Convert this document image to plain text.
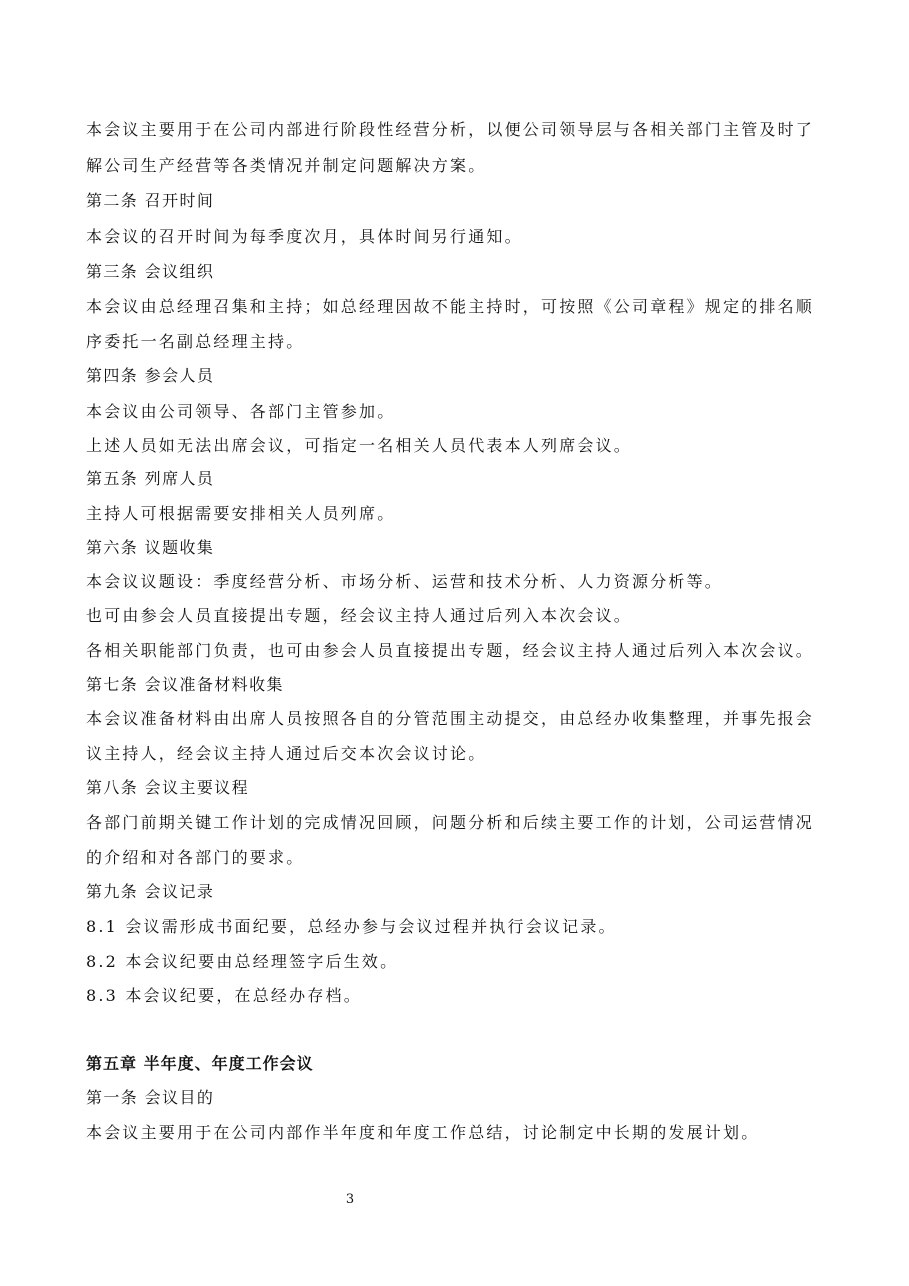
本会议主要用于在公司内部进行阶段性经营分析，以便公司领导层与各相关部门主管及时了
解公司生产经营等各类情况并制定问题解决方案。
第二条 召开时间
本会议的召开时间为每季度次月，具体时间另行通知。
第三条 会议组织
本会议由总经理召集和主持；如总经理因故不能主持时，可按照《公司章程》规定的排名顺
序委托一名副总经理主持。
第四条 参会人员
本会议由公司领导、各部门主管参加。
上述人员如无法出席会议，可指定一名相关人员代表本人列席会议。
第五条 列席人员
主持人可根据需要安排相关人员列席。
第六条 议题收集
本会议议题设：季度经营分析、市场分析、运营和技术分析、人力资源分析等。
也可由参会人员直接提出专题，经会议主持人通过后列入本次会议。
各相关职能部门负责，也可由参会人员直接提出专题，经会议主持人通过后列入本次会议。
第七条 会议准备材料收集
本会议准备材料由出席人员按照各自的分管范围主动提交，由总经办收集整理，并事先报会
议主持人，经会议主持人通过后交本次会议讨论。
第八条 会议主要议程
各部门前期关键工作计划的完成情况回顾，问题分析和后续主要工作的计划，公司运营情况
的介绍和对各部门的要求。
第九条 会议记录
8.1 会议需形成书面纪要，总经办参与会议过程并执行会议记录。
8.2 本会议纪要由总经理签字后生效。
8.3 本会议纪要，在总经办存档。
第五章 半年度、年度工作会议
第一条 会议目的
本会议主要用于在公司内部作半年度和年度工作总结，讨论制定中长期的发展计划。
3
